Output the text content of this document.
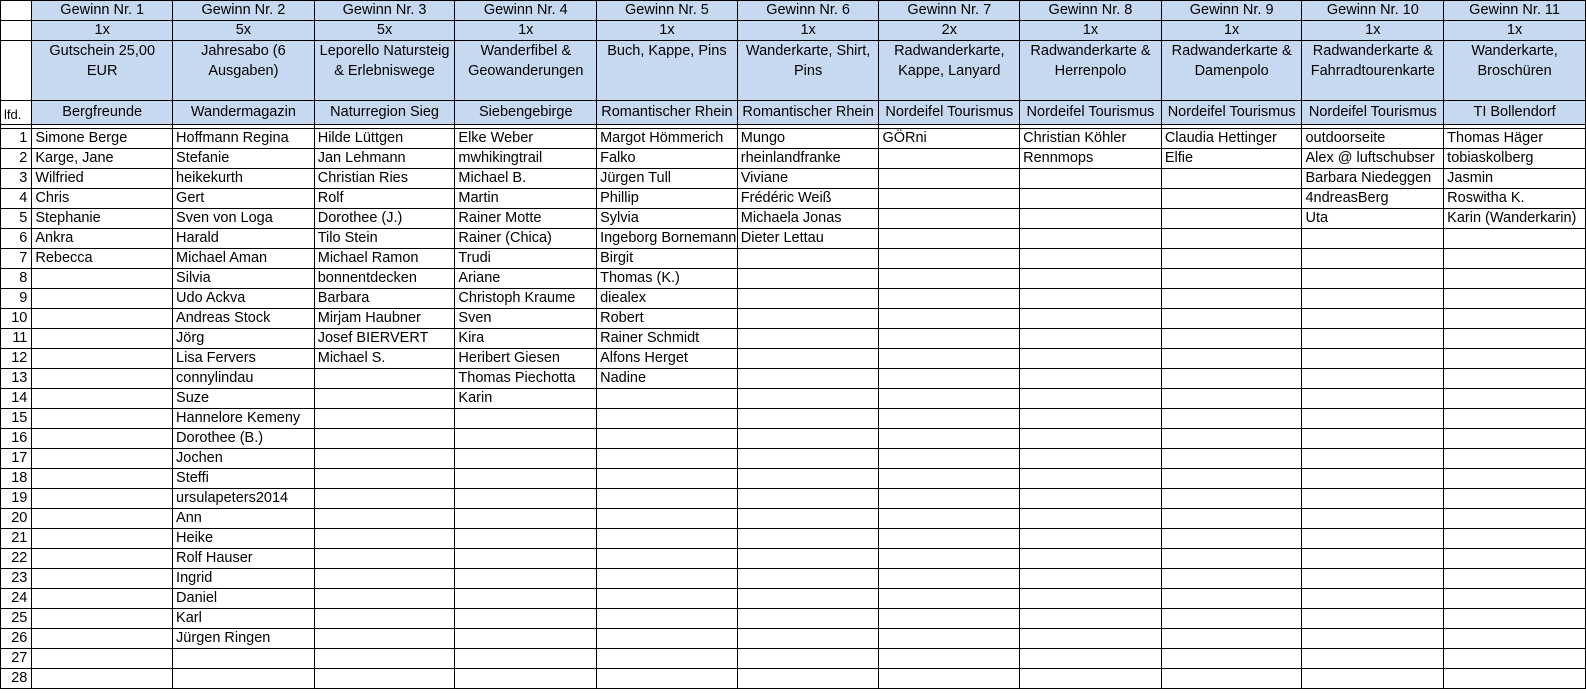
	Gewinn Nr. 1	Gewinn Nr. 2	Gewinn Nr. 3	Gewinn Nr. 4	Gewinn Nr. 5	Gewinn Nr. 6	Gewinn Nr. 7	Gewinn Nr. 8	Gewinn Nr. 9	Gewinn Nr. 10	Gewinn Nr. 11
	1x	5x	5x	1x	1x	1x	2x	1x	1x	1x	1x
	Gutschein 25,00 EUR	Jahresabo (6 Ausgaben)	Leporello Natursteig & Erlebniswege	Wanderfibel & Geowanderungen	Buch, Kappe, Pins	Wanderkarte, Shirt, Pins	Radwanderkarte, Kappe, Lanyard	Radwanderkarte & Herrenpolo	Radwanderkarte & Damenpolo	Radwanderkarte & Fahrradtourenkarte	Wanderkarte, Broschüren
lfd.	Bergfreunde	Wandermagazin	Naturregion Sieg	Siebengebirge	Romantischer Rhein	Romantischer Rhein	Nordeifel Tourismus	Nordeifel Tourismus	Nordeifel Tourismus	Nordeifel Tourismus	TI Bollendorf

1	Simone Berge	Hoffmann Regina	Hilde Lüttgen	Elke Weber	Margot Hömmerich	Mungo	GÖRni	Christian Köhler	Claudia Hettinger	outdoorseite	Thomas Häger
2	Karge, Jane	Stefanie	Jan Lehmann	mwhikingtrail	Falko	rheinlandfranke		Rennmops	Elfie	Alex @ luftschubser	tobiaskolberg
3	Wilfried	heikekurth	Christian Ries	Michael B.	Jürgen Tull	Viviane				Barbara Niedeggen	Jasmin
4	Chris	Gert	Rolf	Martin	Phillip	Frédéric Weiß				4ndreasBerg	Roswitha K.
5	Stephanie	Sven von Loga	Dorothee (J.)	Rainer Motte	Sylvia	Michaela Jonas				Uta	Karin (Wanderkarin)
6	Ankra	Harald	Tilo Stein	Rainer (Chica)	Ingeborg Bornemann	Dieter Lettau					
7	Rebecca	Michael Aman	Michael Ramon	Trudi	Birgit						
8		Silvia	bonnentdecken	Ariane	Thomas (K.)						
9		Udo Ackva	Barbara	Christoph Kraume	diealex						
10		Andreas Stock	Mirjam Haubner	Sven	Robert						
11		Jörg	Josef BIERVERT	Kira	Rainer Schmidt						
12		Lisa Fervers	Michael S.	Heribert Giesen	Alfons Herget						
13		connylindau		Thomas Piechotta	Nadine						
14		Suze		Karin							
15		Hannelore Kemeny									
16		Dorothee (B.)									
17		Jochen									
18		Steffi									
19		ursulapeters2014									
20		Ann									
21		Heike									
22		Rolf Hauser									
23		Ingrid									
24		Daniel									
25		Karl									
26		Jürgen Ringen									
27											
28											
